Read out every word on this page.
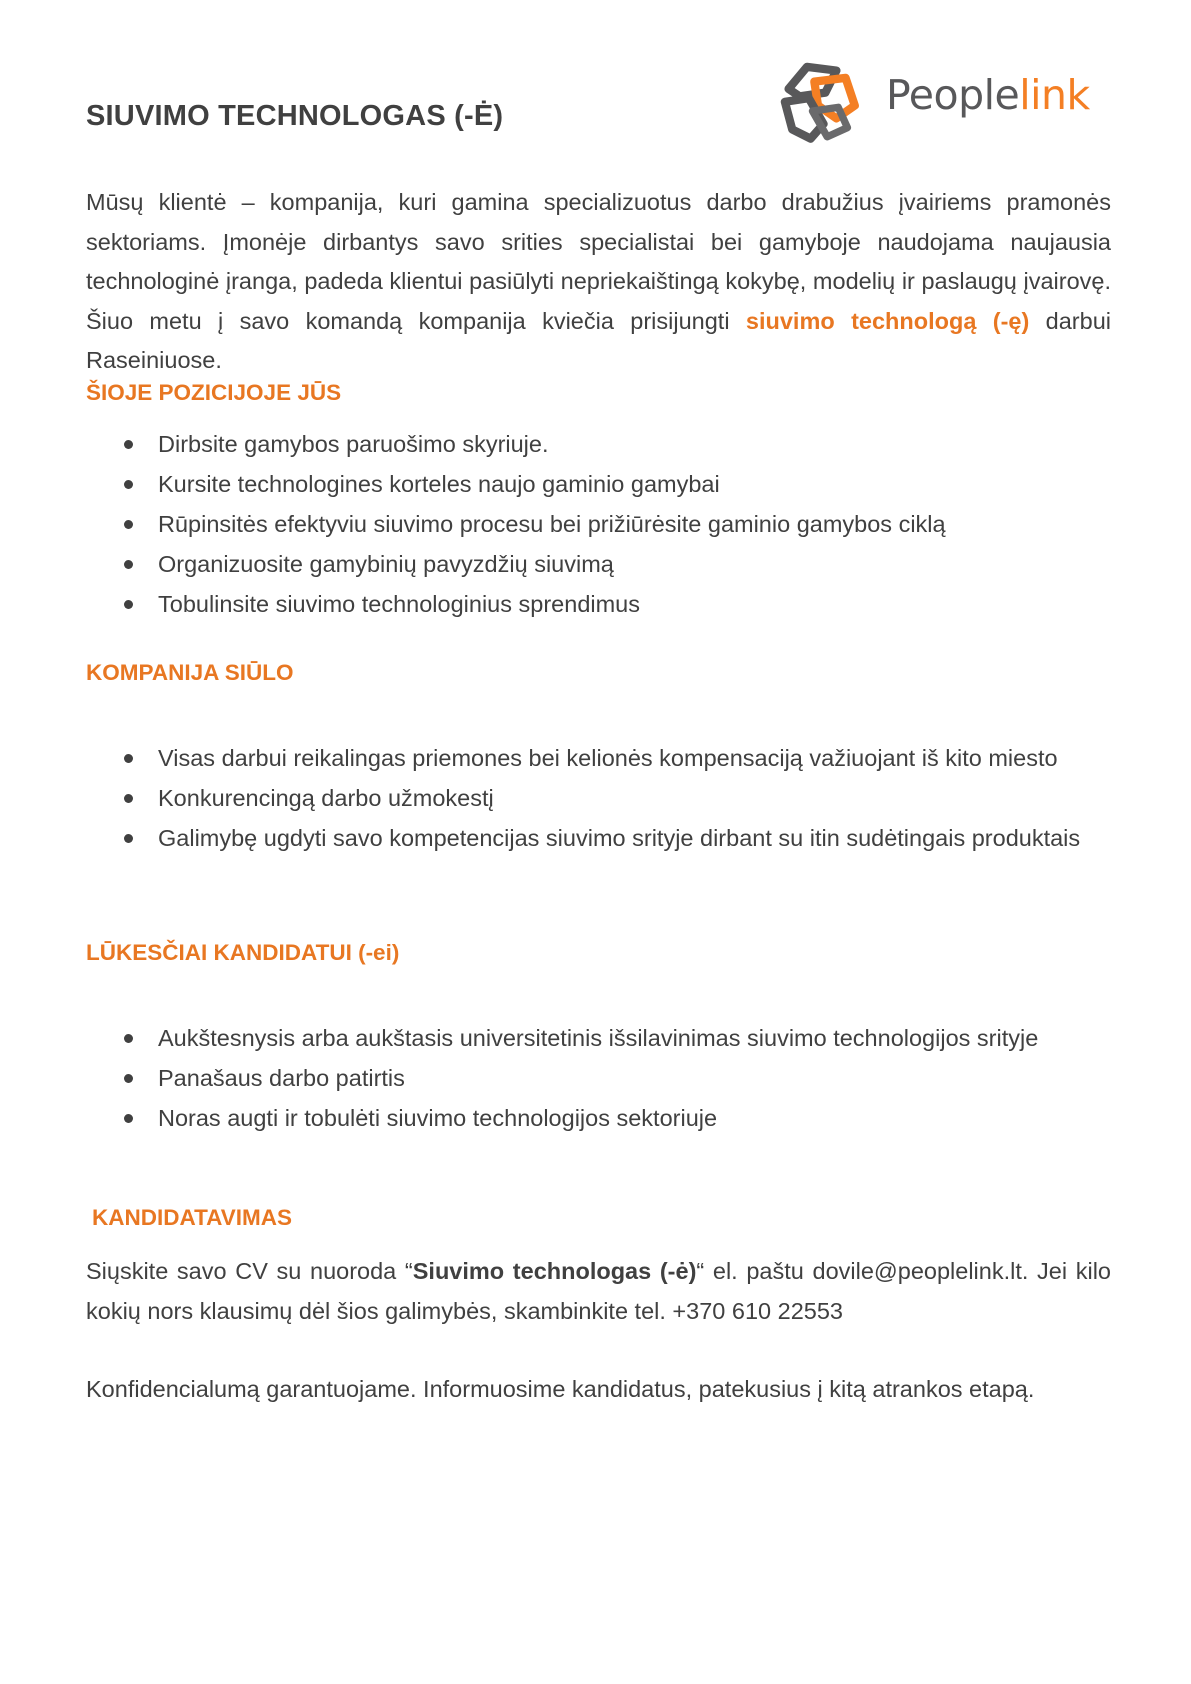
SIUVIMO TECHNOLOGAS (-Ė)	Peoplelink

Mūsų klientė – kompanija, kuri gamina specializuotus darbo drabužius įvairiems pramonės sektoriams. Įmonėje dirbantys savo srities specialistai bei gamyboje naudojama naujausia technologinė įranga, padeda klientui pasiūlyti nepriekaištingą kokybę, modelių ir paslaugų įvairovę. Šiuo metu į savo komandą kompanija kviečia prisijungti siuvimo technologą (-ę) darbui Raseiniuose.

ŠIOJE POZICIJOJE JŪS
Dirbsite gamybos paruošimo skyriuje.
Kursite technologines korteles naujo gaminio gamybai
Rūpinsitės efektyviu siuvimo procesu bei prižiūrėsite gaminio gamybos ciklą
Organizuosite gamybinių pavyzdžių siuvimą
Tobulinsite siuvimo technologinius sprendimus
KOMPANIJA SIŪLO
Visas darbui reikalingas priemones bei kelionės kompensaciją važiuojant iš kito miesto
Konkurencingą darbo užmokestį
Galimybę ugdyti savo kompetencijas siuvimo srityje dirbant su itin sudėtingais produktais
LŪKESČIAI KANDIDATUI (-ei)
Aukštesnysis arba aukštasis universitetinis išsilavinimas siuvimo technologijos srityje
Panašaus darbo patirtis
Noras augti ir tobulėti siuvimo technologijos sektoriuje
KANDIDATAVIMAS

Siųskite savo CV su nuoroda “Siuvimo technologas (-ė)“ el. paštu dovile@peoplelink.lt. Jei kilo kokių nors klausimų dėl šios galimybės, skambinkite tel. +370 610 22553

Konfidencialumą garantuojame. Informuosime kandidatus, patekusius į kitą atrankos etapą.
